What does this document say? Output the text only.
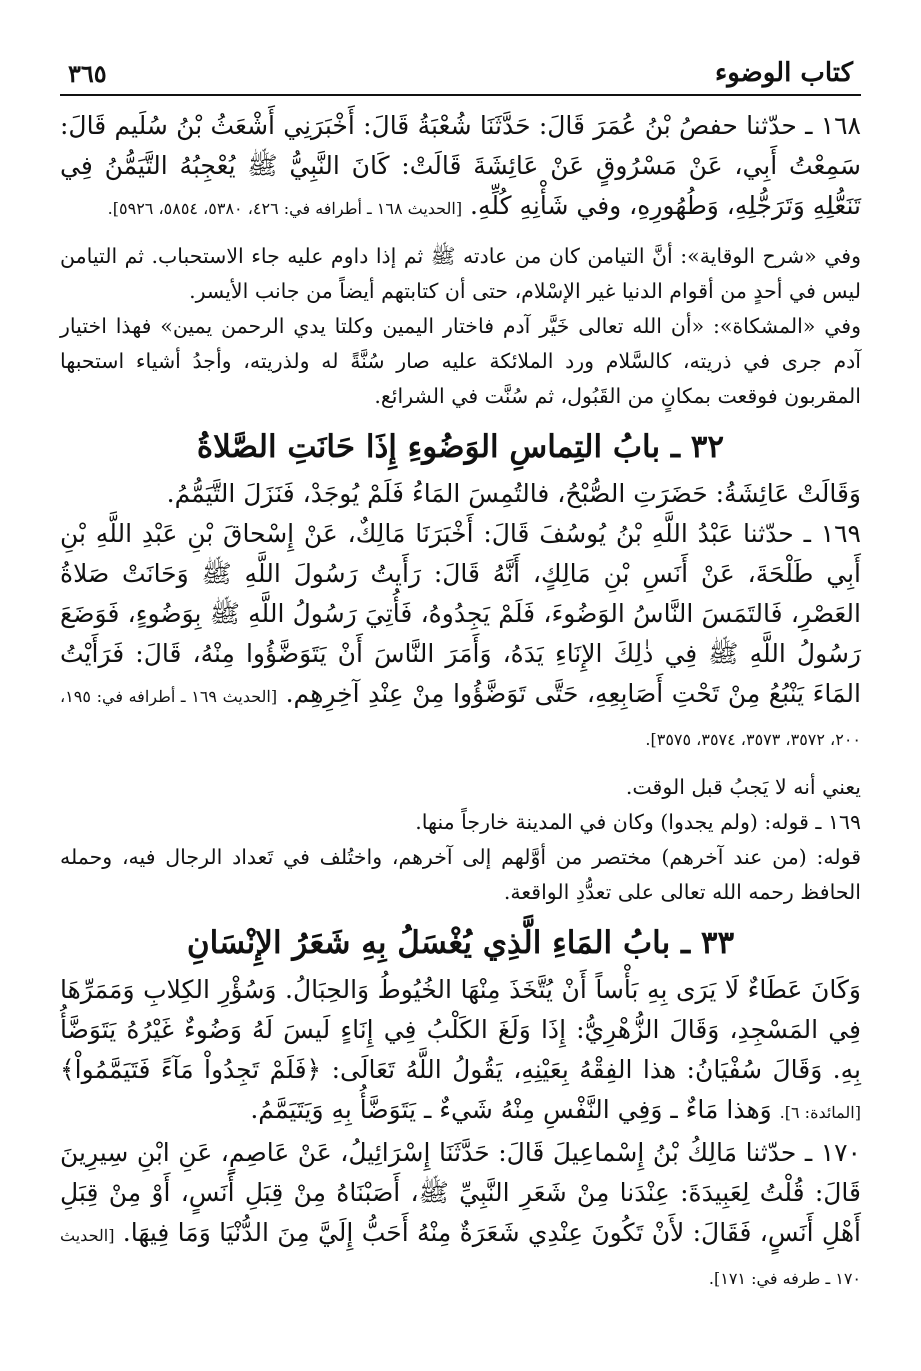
كتاب الوضوء
٣٦٥

١٦٨ ـ حدّثنا حفصُ بْنُ عُمَرَ قَالَ: حَدَّثَنَا شُعْبَةُ قَالَ: أَخْبَرَنِي أَشْعَثُ بْنُ سُلَيم قَالَ: سَمِعْتُ أَبِي، عَنْ مَسْرُوقٍ عَنْ عَائِشَةَ قَالَتْ: كَانَ النَّبِيُّ ﷺ يُعْجِبُهُ التَّيَمُّنُ فِي تَنَعُّلِهِ وَتَرَجُّلِهِ، وَطُهُورِهِ، وفي شَأْنِهِ كُلِّهِ. [الحديث ١٦٨ ـ أطرافه في: ٤٢٦، ٥٣٨٠، ٥٨٥٤، ٥٩٢٦].

وفي «شرح الوقاية»: أنَّ التيامن كان من عادته ﷺ ثم إذا داوم عليه جاء الاستحباب. ثم التيامن ليس في أحدٍ من أقوام الدنيا غير الإسْلام، حتى أن كتابتهم أيضاً من جانب الأيسر.
وفي «المشكاة»: «أن الله تعالى خَيَّر آدم فاختار اليمين وكلتا يدي الرحمن يمين» فهذا اختيار آدم جرى في ذريته، كالسَّلام ورد الملائكة عليه صار سُنَّةً له ولذريته، وأجدُ أشياء استحبها المقربون فوقعت بمكانٍ من القَبُول، ثم سُنَّت في الشرائع.

٣٢ ـ بابُ التِماسِ الوَضُوءِ إِذَا حَانَتِ الصَّلاةُ

وَقَالَتْ عَائِشَةُ: حَضَرَتِ الصُّبْحُ، فالتُمِسَ المَاءُ فَلَمْ يُوجَدْ، فَنَزَلَ التَّيَمُّمُ.

١٦٩ ـ حدّثنا عَبْدُ اللَّهِ بْنُ يُوسُفَ قَالَ: أَخْبَرَنَا مَالِكٌ، عَنْ إِسْحاقَ بْنِ عَبْدِ اللَّهِ بْنِ أَبِي طَلْحَةَ، عَنْ أَنَسِ بْنِ مَالِكٍ، أَنَّهُ قَالَ: رَأَيتُ رَسُولَ اللَّهِ ﷺ وَحَانَتْ صَلاةُ العَصْرِ، فَالتَمَسَ النَّاسُ الوَضُوءَ، فَلَمْ يَجِدُوهُ، فَأُتِيَ رَسُولُ اللَّهِ ﷺ بِوَضُوءٍ، فَوَضَعَ رَسُولُ اللَّهِ ﷺ فِي ذٰلِكَ الإِنَاءِ يَدَهُ، وَأَمَرَ النَّاسَ أَنْ يَتَوَضَّؤُوا مِنْهُ، قَالَ: فَرَأَيْتُ المَاءَ يَنْبُعُ مِنْ تَحْتِ أَصَابِعِهِ، حَتَّى تَوَضَّؤُوا مِنْ عِنْدِ آخِرِهِم. [الحديث ١٦٩ ـ أطرافه في: ١٩٥، ٢٠٠، ٣٥٧٢، ٣٥٧٣، ٣٥٧٤، ٣٥٧٥].

يعني أنه لا يَجبُ قبل الوقت.
١٦٩ ـ قوله: (ولم يجدوا) وكان في المدينة خارجاً منها.
قوله: (من عند آخرهم) مختصر من أوَّلهم إلى آخرهم، واختُلف في تَعداد الرجال فيه، وحمله الحافظ رحمه الله تعالى على تعدُّدِ الواقعة.

٣٣ ـ بابُ المَاءِ الَّذِي يُغْسَلُ بِهِ شَعَرُ الإِنْسَانِ

وَكَانَ عَطَاءٌ لَا يَرَى بِهِ بَأْساً أَنْ يُتَّخَذَ مِنْهَا الخُيُوطُ وَالحِبَالُ. وَسُؤْرِ الكِلابِ وَمَمَرِّهَا فِي المَسْجِدِ، وَقَالَ الزُّهْرِيُّ: إِذَا وَلَغَ الكَلْبُ فِي إِنَاءٍ لَيسَ لَهُ وَضُوءٌ غَيْرُهُ يَتَوَضَّأُ بِهِ. وَقَالَ سُفْيَانُ: هذا الفِقْهُ بِعَيْنِهِ، يَقُولُ اللَّهُ تَعَالَى: ﴿فَلَمْ تَجِدُواْ مَآءً فَتَيَمَّمُواْ﴾ [المائدة: ٦]. وَهذا مَاءٌ ـ وَفِي النَّفْسِ مِنْهُ شَيءٌ ـ يَتَوَضَّأُ بِهِ وَيَتَيَمَّمُ.

١٧٠ ـ حدّثنا مَالِكُ بْنُ إِسْماعِيلَ قَالَ: حَدَّثَنَا إِسْرَائِيلُ، عَنْ عَاصِمٍ، عَنِ ابْنِ سِيرِينَ قَالَ: قُلْتُ لِعَبِيدَةَ: عِنْدَنا مِنْ شَعَرِ النَّبِيِّ ﷺ، أَصَبْنَاهُ مِنْ قِبَلِ أَنَسٍ، أَوْ مِنْ قِبَلِ أَهْلِ أَنَسٍ، فَقَالَ: لأَنْ تَكُونَ عِنْدِي شَعَرَةٌ مِنْهُ أَحَبُّ إِلَيَّ مِنَ الدُّنْيَا وَمَا فِيهَا. [الحديث ١٧٠ ـ طرفه في: ١٧١].
